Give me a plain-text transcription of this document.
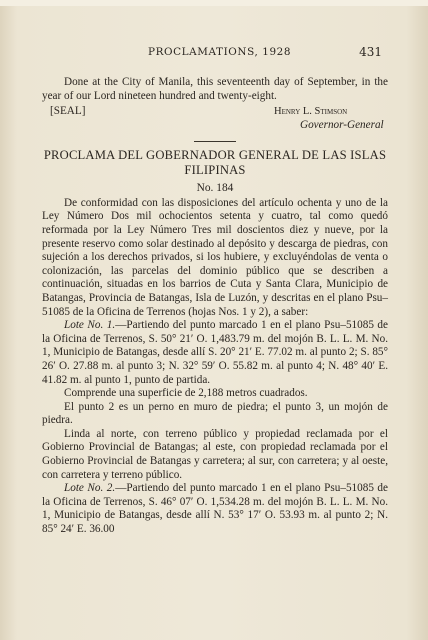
PROCLAMATIONS, 1928	431

Done at the City of Manila, this seventeenth day of September, in the year of our Lord nineteen hundred and twenty-eight.

[SEAL]	Henry L. Stimson
Governor-General
PROCLAMA DEL GOBERNADOR GENERAL DE LAS ISLAS FILIPINAS
No. 184

De conformidad con las disposiciones del artículo ochenta y uno de la Ley Número Dos mil ochocientos setenta y cuatro, tal como quedó reformada por la Ley Número Tres mil doscientos diez y nueve, por la presente reservo como solar destinado al depósito y descarga de piedras, con sujeción a los derechos privados, si los hubiere, y excluyéndolas de venta o colonización, las parcelas del dominio público que se describen a continuación, situadas en los barrios de Cuta y Santa Clara, Municipio de Batangas, Provincia de Batangas, Isla de Luzón, y descritas en el plano Psu–51085 de la Oficina de Terrenos (hojas Nos. 1 y 2), a saber:

Lote No. 1.—Partiendo del punto marcado 1 en el plano Psu–51085 de la Oficina de Terrenos, S. 50° 21′ O. 1,483.79 m. del mojón B. L. L. M. No. 1, Municipio de Batangas, desde allí S. 20° 21′ E. 77.02 m. al punto 2; S. 85° 26′ O. 27.88 m. al punto 3; N. 32° 59′ O. 55.82 m. al punto 4; N. 48° 40′ E. 41.82 m. al punto 1, punto de partida.

Comprende una superficie de 2,188 metros cuadrados.

El punto 2 es un perno en muro de piedra; el punto 3, un mojón de piedra.

Linda al norte, con terreno público y propiedad reclamada por el Gobierno Provincial de Batangas; al este, con propiedad reclamada por el Gobierno Provincial de Batangas y carretera; al sur, con carretera; y al oeste, con carretera y terreno público.

Lote No. 2.—Partiendo del punto marcado 1 en el plano Psu–51085 de la Oficina de Terrenos, S. 46° 07′ O. 1,534.28 m. del mojón B. L. L. M. No. 1, Municipio de Batangas, desde allí N. 53° 17′ O. 53.93 m. al punto 2; N. 85° 24′ E. 36.00
